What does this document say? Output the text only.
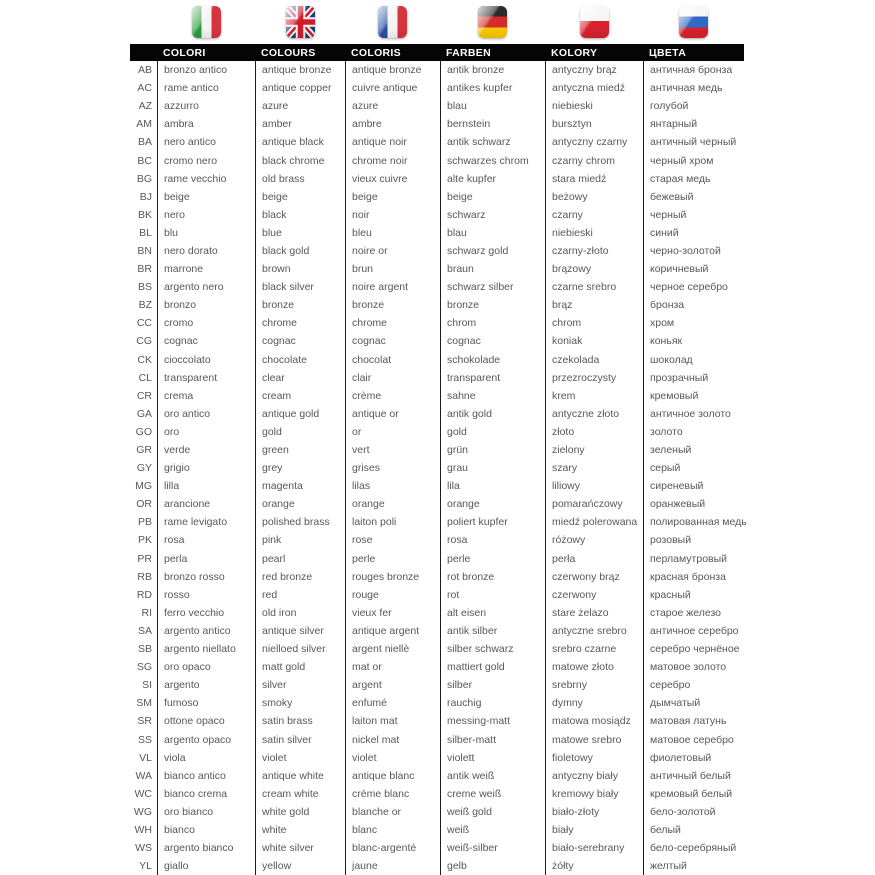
COLORI	COLOURS	COLORIS	FARBEN	KOLORY	ЦВЕТА
AB	bronzo antico	antique bronze	antique bronze	antik bronze	antyczny brąz	античная бронза
AC	rame antico	antique copper	cuivre antique	antikes kupfer	antyczna miedź	античная медь
AZ	azzurro	azure	azure	blau	niebieski	голубой
AM	ambra	amber	ambre	bernstein	bursztyn	янтарный
BA	nero antico	antique black	antique noir	antik schwarz	antyczny czarny	античный черный
BC	cromo nero	black chrome	chrome noir	schwarzes chrom	czarny chrom	черный хром
BG	rame vecchio	old brass	vieux cuivre	alte kupfer	stara miedź	старая медь
BJ	beige	beige	beige	beige	beżowy	бежевый
BK	nero	black	noir	schwarz	czarny	черный
BL	blu	blue	bleu	blau	niebieski	синий
BN	nero dorato	black gold	noire or	schwarz gold	czarny-złoto	черно-золотой
BR	marrone	brown	brun	braun	brązowy	коричневый
BS	argento nero	black silver	noire argent	schwarz silber	czarne srebro	черное серебро
BZ	bronzo	bronze	bronze	bronze	brąz	бронза
CC	cromo	chrome	chrome	chrom	chrom	хром
CG	cognac	cognac	cognac	cognac	koniak	коньяк
CK	cioccolato	chocolate	chocolat	schokolade	czekolada	шоколад
CL	transparent	clear	clair	transparent	przezroczysty	прозрачный
CR	crema	cream	crème	sahne	krem	кремовый
GA	oro antico	antique gold	antique or	antik gold	antyczne złoto	античное золото
GO	oro	gold	or	gold	złoto	золото
GR	verde	green	vert	grün	zielony	зеленый
GY	grigio	grey	grises	grau	szary	серый
MG	lilla	magenta	lilas	lila	liliowy	сиреневый
OR	arancione	orange	orange	orange	pomarańczowy	оранжевый
PB	rame levigato	polished brass	laiton poli	poliert kupfer	miedź polerowana	полированная медь
PK	rosa	pink	rose	rosa	różowy	розовый
PR	perla	pearl	perle	perle	perła	перламутровый
RB	bronzo rosso	red bronze	rouges bronze	rot bronze	czerwony brąz	красная бронза
RD	rosso	red	rouge	rot	czerwony	красный
RI	ferro vecchio	old iron	vieux fer	alt eisen	stare żelazo	старое железо
SA	argento antico	antique silver	antique argent	antik silber	antyczne srebro	античное серебро
SB	argento niellato	nielloed silver	argent niellè	silber schwarz	srebro czarne	серебро чернёное
SG	oro opaco	matt gold	mat or	mattiert gold	matowe złoto	матовое золото
SI	argento	silver	argent	silber	srebrny	серебро
SM	fumoso	smoky	enfumé	rauchig	dymny	дымчатый
SR	ottone opaco	satin brass	laiton mat	messing-matt	matowa mosiądz	матовая латунь
SS	argento opaco	satin silver	nickel mat	silber-matt	matowe srebro	матовое серебро
VL	viola	violet	violet	violett	fioletowy	фиолетовый
WA	bianco antico	antique white	antique blanc	antik weiß	antyczny biały	античный белый
WC	bianco crema	cream white	crème blanc	creme weiß	kremowy biały	кремовый белый
WG	oro bianco	white gold	blanche or	weiß gold	biało-złoty	бело-золотой
WH	bianco	white	blanc	weiß	biały	белый
WS	argento bianco	white silver	blanc-argenté	weiß-silber	biało-serebrany	бело-серебряный
YL	giallo	yellow	jaune	gelb	żółty	желтый
